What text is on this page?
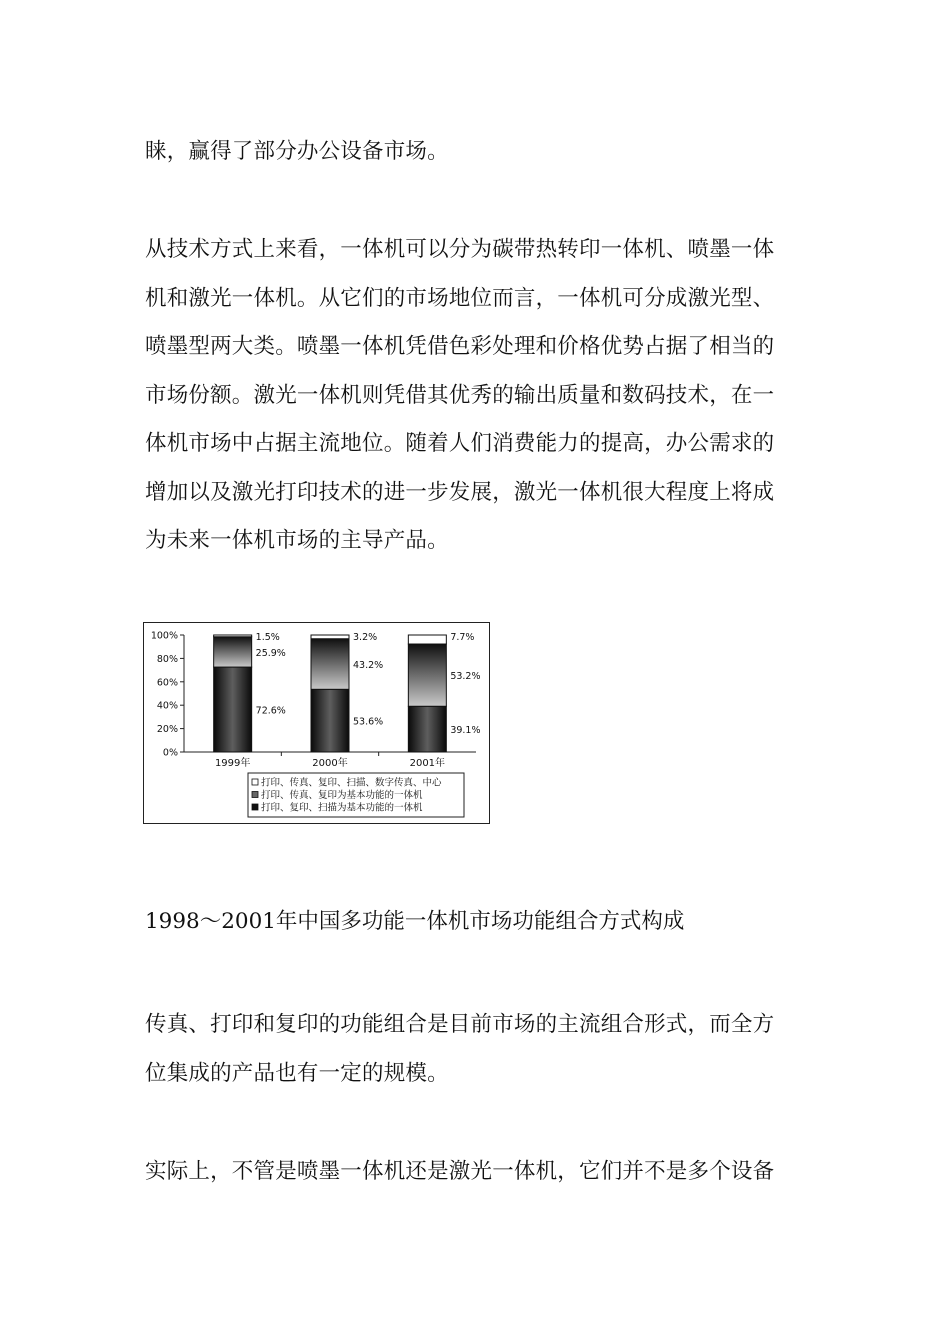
睐，赢得了部分办公设备市场。
从技术方式上来看，一体机可以分为碳带热转印一体机、喷墨一体
机和激光一体机。从它们的市场地位而言，一体机可分成激光型、
喷墨型两大类。喷墨一体机凭借色彩处理和价格优势占据了相当的
市场份额。激光一体机则凭借其优秀的输出质量和数码技术，在一
体机市场中占据主流地位。随着人们消费能力的提高，办公需求的
增加以及激光打印技术的进一步发展，激光一体机很大程度上将成
为未来一体机市场的主导产品。
0%
20%
40%
60%
80%
100%
1999年	2000年	2001年
72.6%
25.9%
1.5%
53.6%
43.2%
3.2%
39.1%
53.2%
7.7%
打印、传真、复印、扫描、数字传真、中心
打印、传真、复印为基本功能的一体机
打印、复印、扫描为基本功能的一体机

1998～2001年中国多功能一体机市场功能组合方式构成

传真、打印和复印的功能组合是目前市场的主流组合形式，而全方
位集成的产品也有一定的规模。
实际上，不管是喷墨一体机还是激光一体机，它们并不是多个设备
